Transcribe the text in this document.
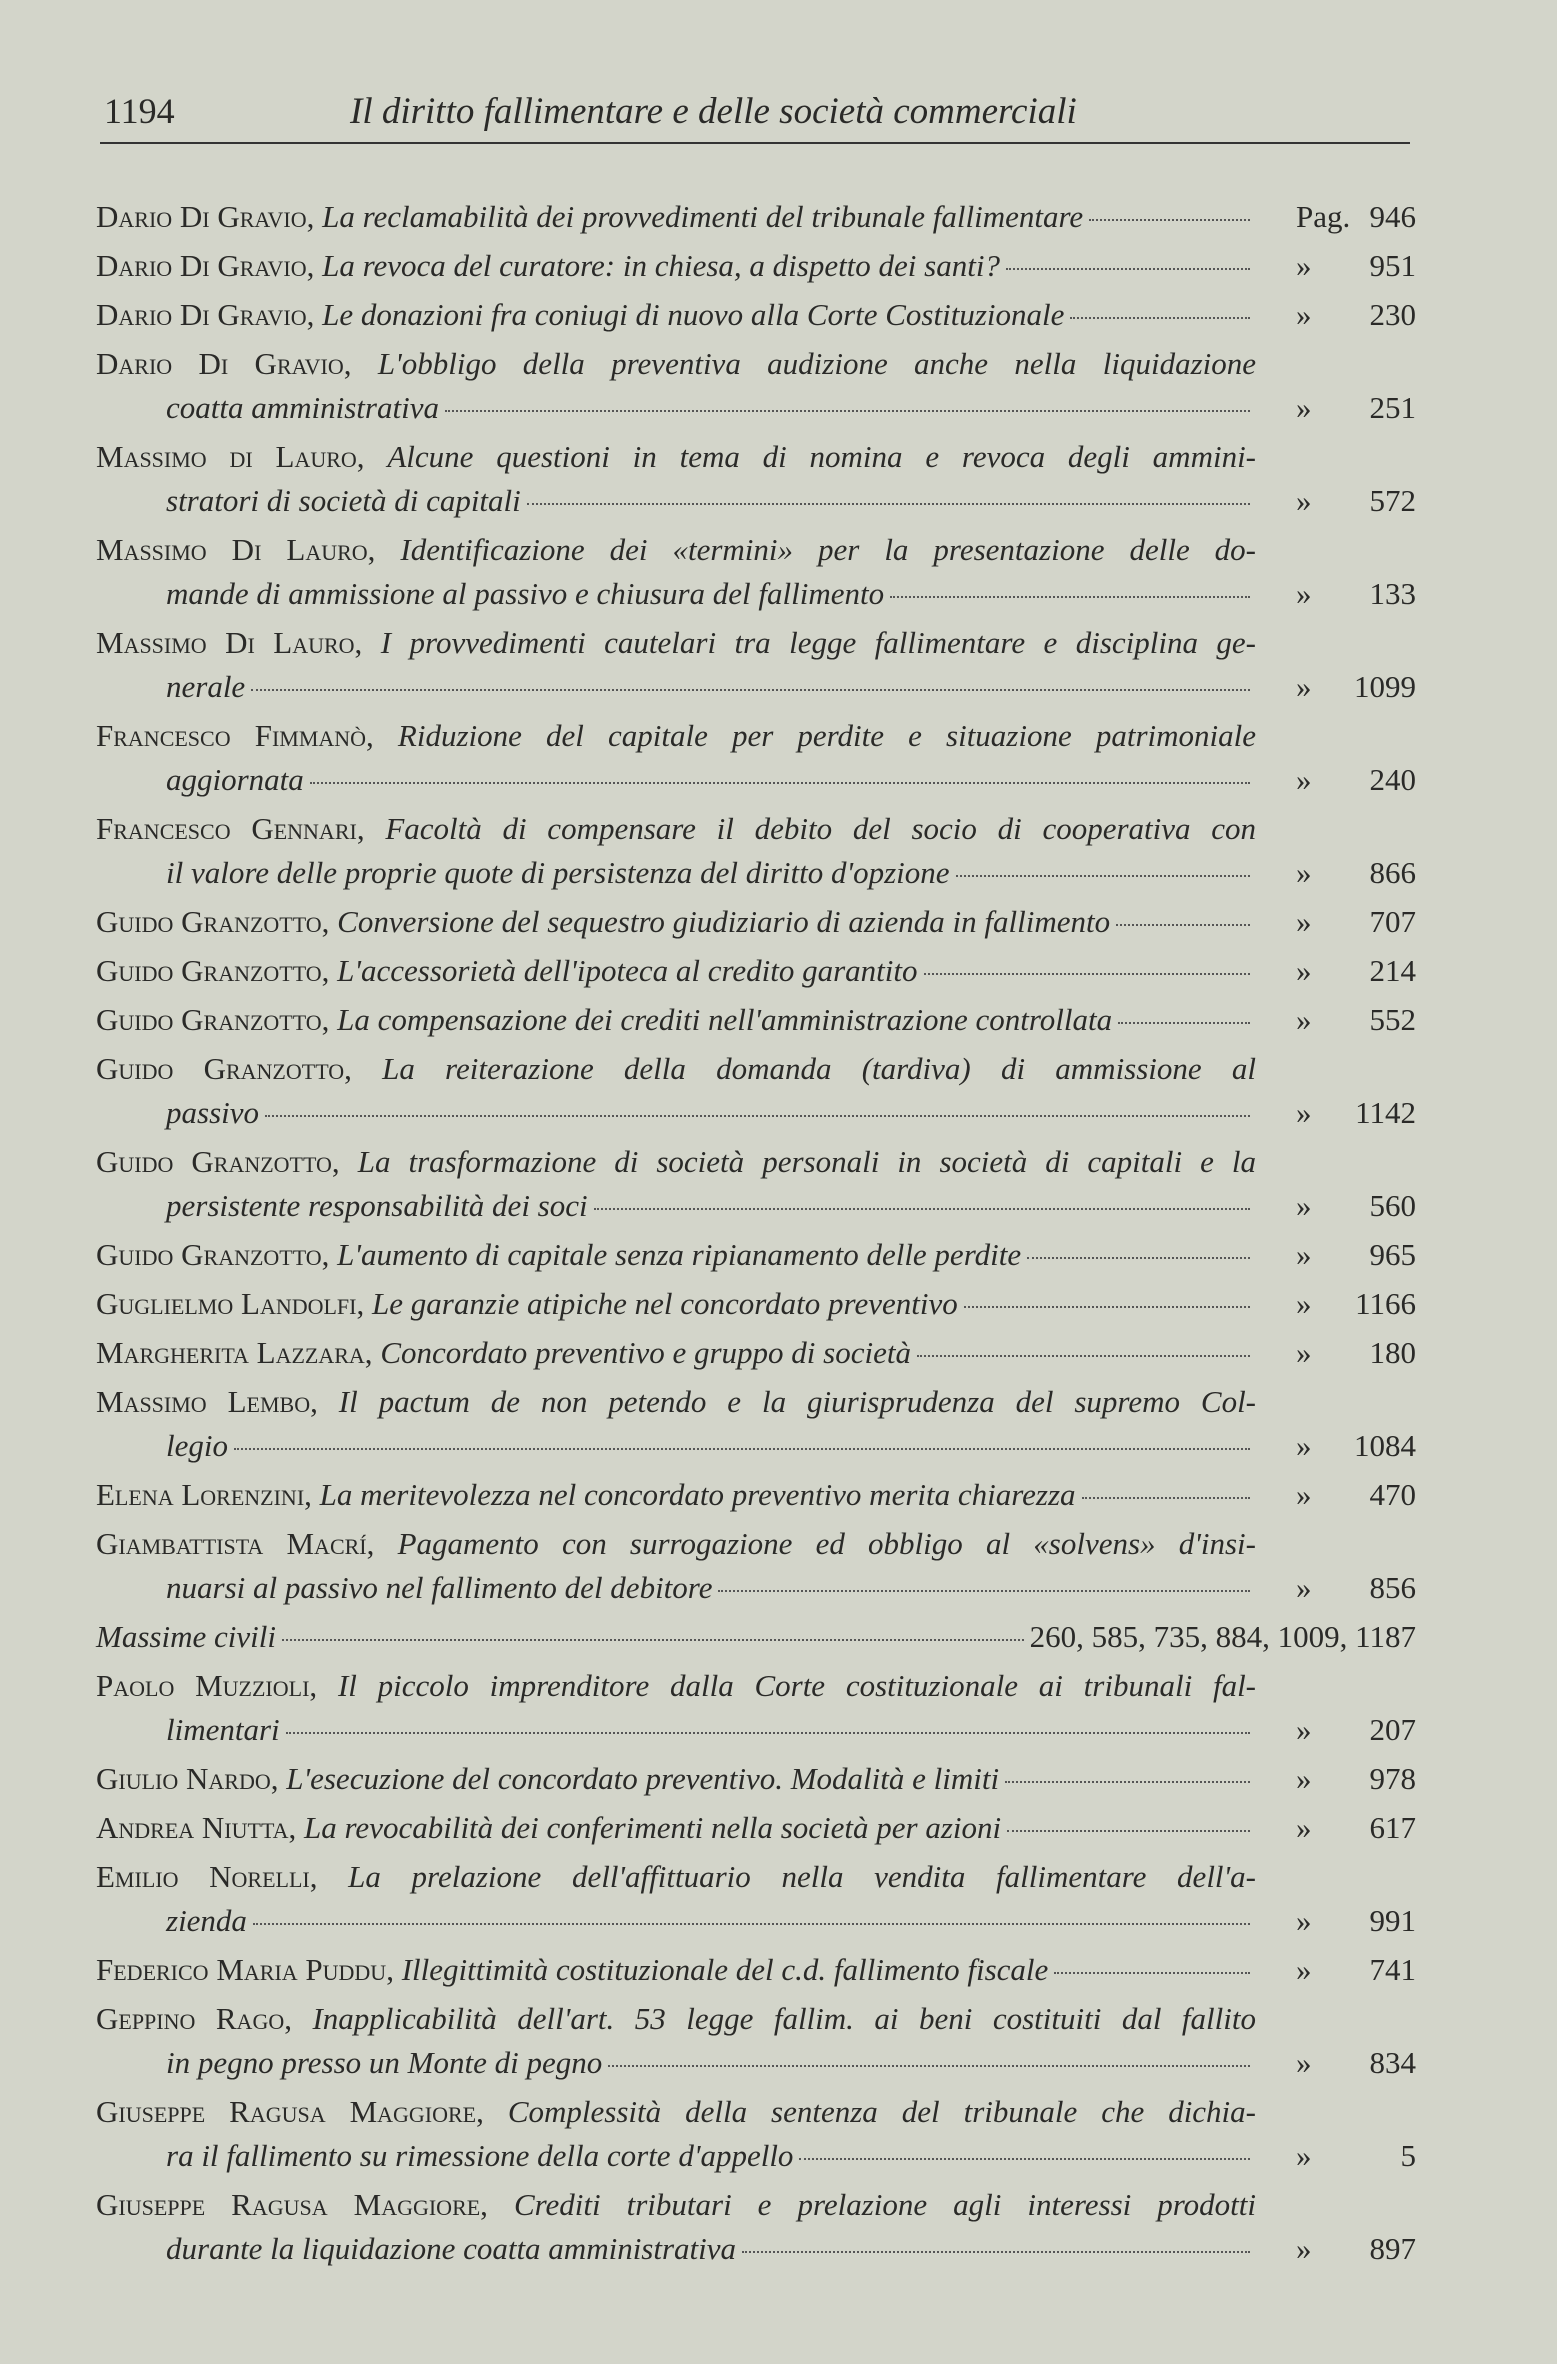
1194	Il diritto fallimentare e delle società commerciali
Dario Di Gravio,
La reclamabilità dei provvedimenti del tribunale fallimentare	Pag. 946
Dario Di Gravio,
La revoca del curatore: in chiesa, a dispetto dei santi?	» 951
Dario Di Gravio,
Le donazioni fra coniugi di nuovo alla Corte Costituzionale	» 230
Dario Di Gravio, L'obbligo della preventiva audizione anche nella liquidazione
coatta amministrativa	» 251
Massimo di Lauro, Alcune questioni in tema di nomina e revoca degli ammini-
stratori di società di capitali	» 572
Massimo Di Lauro, Identificazione dei «termini» per la presentazione delle do-
mande di ammissione al passivo e chiusura del fallimento	» 133
Massimo Di Lauro, I provvedimenti cautelari tra legge fallimentare e disciplina ge-
nerale	» 1099
Francesco Fimmanò, Riduzione del capitale per perdite e situazione patrimoniale
aggiornata	» 240
Francesco Gennari, Facoltà di compensare il debito del socio di cooperativa con
il valore delle proprie quote di persistenza del diritto d'opzione	» 866
Guido Granzotto,
Conversione del sequestro giudiziario di azienda in fallimento	» 707
Guido Granzotto,
L'accessorietà dell'ipoteca al credito garantito	» 214
Guido Granzotto,
La compensazione dei crediti nell'amministrazione controllata	» 552
Guido Granzotto, La reiterazione della domanda (tardiva) di ammissione al
passivo	» 1142
Guido Granzotto, La trasformazione di società personali in società di capitali e la
persistente responsabilità dei soci	» 560
Guido Granzotto,
L'aumento di capitale senza ripianamento delle perdite	» 965
Guglielmo Landolfi,
Le garanzie atipiche nel concordato preventivo	» 1166
Margherita Lazzara,
Concordato preventivo e gruppo di società	» 180
Massimo Lembo, Il pactum de non petendo e la giurisprudenza del supremo Col-
legio	» 1084
Elena Lorenzini,
La meritevolezza nel concordato preventivo merita chiarezza	» 470
Giambattista Macrí, Pagamento con surrogazione ed obbligo al «solvens» d'insi-
nuarsi al passivo nel fallimento del debitore	» 856
Massime civili	260, 585, 735, 884, 1009, 1187
Paolo Muzzioli, Il piccolo imprenditore dalla Corte costituzionale ai tribunali fal-
limentari	» 207
Giulio Nardo,
L'esecuzione del concordato preventivo. Modalità e limiti	» 978
Andrea Niutta,
La revocabilità dei conferimenti nella società per azioni	» 617
Emilio Norelli, La prelazione dell'affittuario nella vendita fallimentare dell'a-
zienda	» 991
Federico Maria Puddu,
Illegittimità costituzionale del c.d. fallimento fiscale	» 741
Geppino Rago, Inapplicabilità dell'art. 53 legge fallim. ai beni costituiti dal fallito
in pegno presso un Monte di pegno	» 834
Giuseppe Ragusa Maggiore, Complessità della sentenza del tribunale che dichia-
ra il fallimento su rimessione della corte d'appello	»	5
Giuseppe Ragusa Maggiore, Crediti tributari e prelazione agli interessi prodotti
durante la liquidazione coatta amministrativa	» 897
